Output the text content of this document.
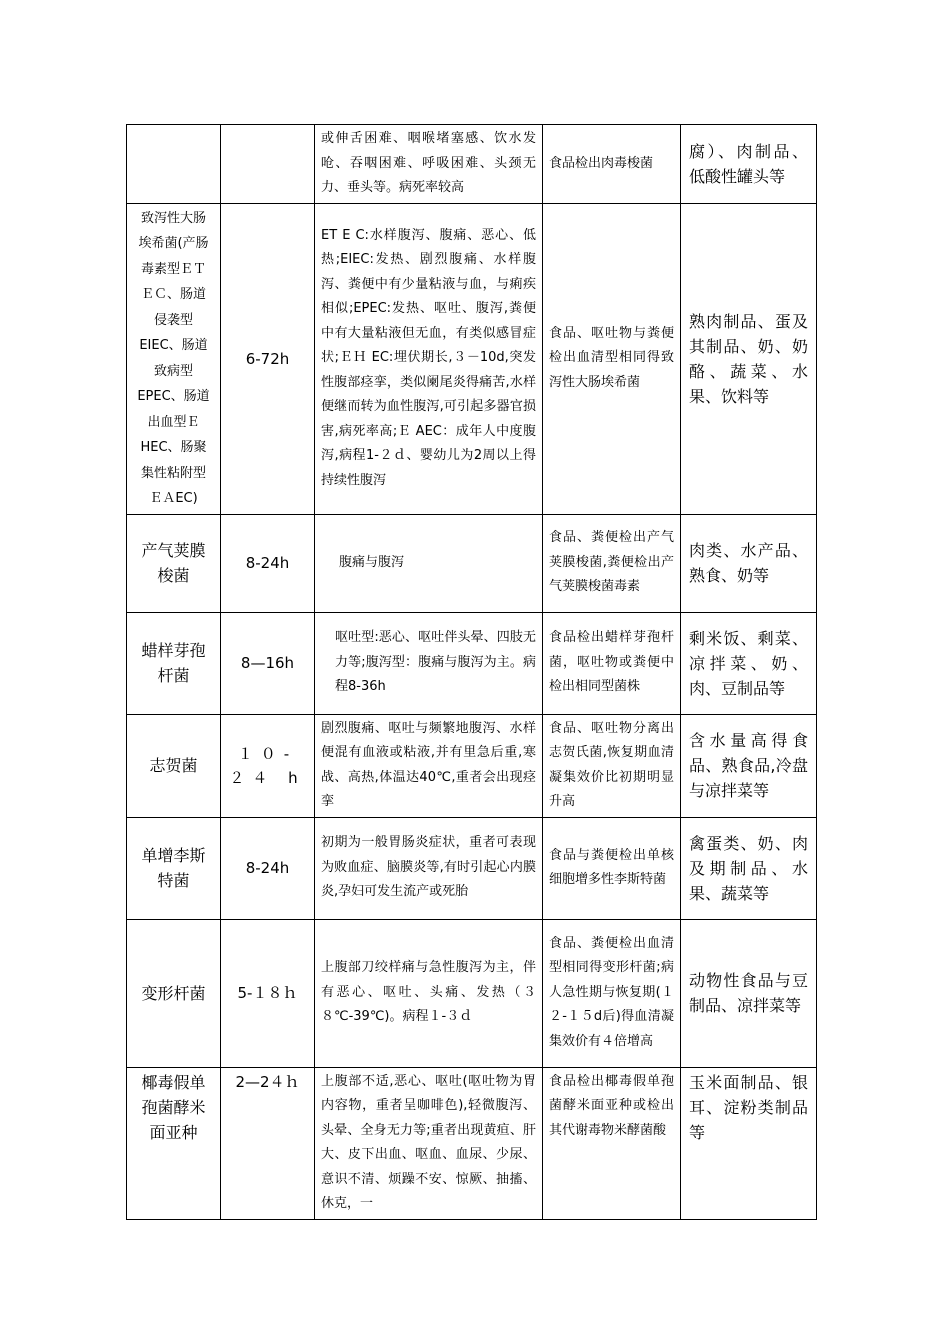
		或伸舌困难、咽喉堵塞感、饮水发呛、吞咽困难、呼吸困难、头颈无力、垂头等。病死率较高	食品检出肉毒梭菌	腐）、肉制品、低酸性罐头等
致泻性大肠埃希菌(产肠毒素型ＥＴＥＣ、肠道侵袭型EIEC、肠道致病型EPEC、肠道出血型ＥHEC、肠聚集性粘附型ＥＡEC)	6-72h	ET E C:水样腹泻、腹痛、恶心、低热;EIEC:发热、剧烈腹痛、水样腹泻、粪便中有少量粘液与血，与痢疾相似;EPEC:发热、呕吐、腹泻,粪便中有大量粘液但无血，有类似感冒症状;ＥＨ EC:埋伏期长,３－10d,突发性腹部痉挛，类似阑尾炎得痛苦,水样便继而转为血性腹泻,可引起多器官损害,病死率高;Ｅ AEC：成年人中度腹泻,病程1-２ｄ、婴幼儿为2周以上得持续性腹泻	食品、呕吐物与粪便检出血清型相同得致泻性大肠埃希菌	熟肉制品、蛋及其制品、奶、奶酪、蔬菜、水果、饮料等
产气荚膜梭菌	8-24h	腹痛与腹泻	食品、粪便检出产气荚膜梭菌,粪便检出产气荚膜梭菌毒素	肉类、水产品、熟食、奶等
蜡样芽孢杆菌	8—16h	呕吐型:恶心、呕吐伴头晕、四肢无力等;腹泻型：腹痛与腹泻为主。病程8-36h	食品检出蜡样芽孢杆菌，呕吐物或粪便中检出相同型菌株	剩米饭、剩菜、凉拌菜、奶、肉、豆制品等
志贺菌	１０-２４ h	剧烈腹痛、呕吐与频繁地腹泻、水样便混有血液或粘液,并有里急后重,寒战、高热,体温达40℃,重者会出现痉挛	食品、呕吐物分离出志贺氏菌,恢复期血清凝集效价比初期明显升高	含水量高得食品、熟食品,冷盘与凉拌菜等
单增李斯特菌	8-24h	初期为一般胃肠炎症状，重者可表现为败血症、脑膜炎等,有时引起心内膜炎,孕妇可发生流产或死胎	食品与粪便检出单核细胞增多性李斯特菌	禽蛋类、奶、肉及期制品、水果、蔬菜等
变形杆菌	5-１８ｈ	上腹部刀绞样痛与急性腹泻为主，伴有恶心、呕吐、头痛、发热（３８℃-39℃)。病程１-３ｄ	食品、粪便检出血清型相同得变形杆菌;病人急性期与恢复期(１２-１５d后)得血清凝集效价有４倍增高	动物性食品与豆制品、凉拌菜等
椰毒假单孢菌酵米面亚种	2—2４ｈ	上腹部不适,恶心、呕吐(呕吐物为胃内容物，重者呈咖啡色),轻微腹泻、头晕、全身无力等;重者出现黄疸、肝大、皮下出血、呕血、血尿、少尿、意识不清、烦躁不安、惊厥、抽搐、休克，一	食品检出椰毒假单孢菌酵米面亚种或检出其代谢毒物米酵菌酸	玉米面制品、银耳、淀粉类制品等
